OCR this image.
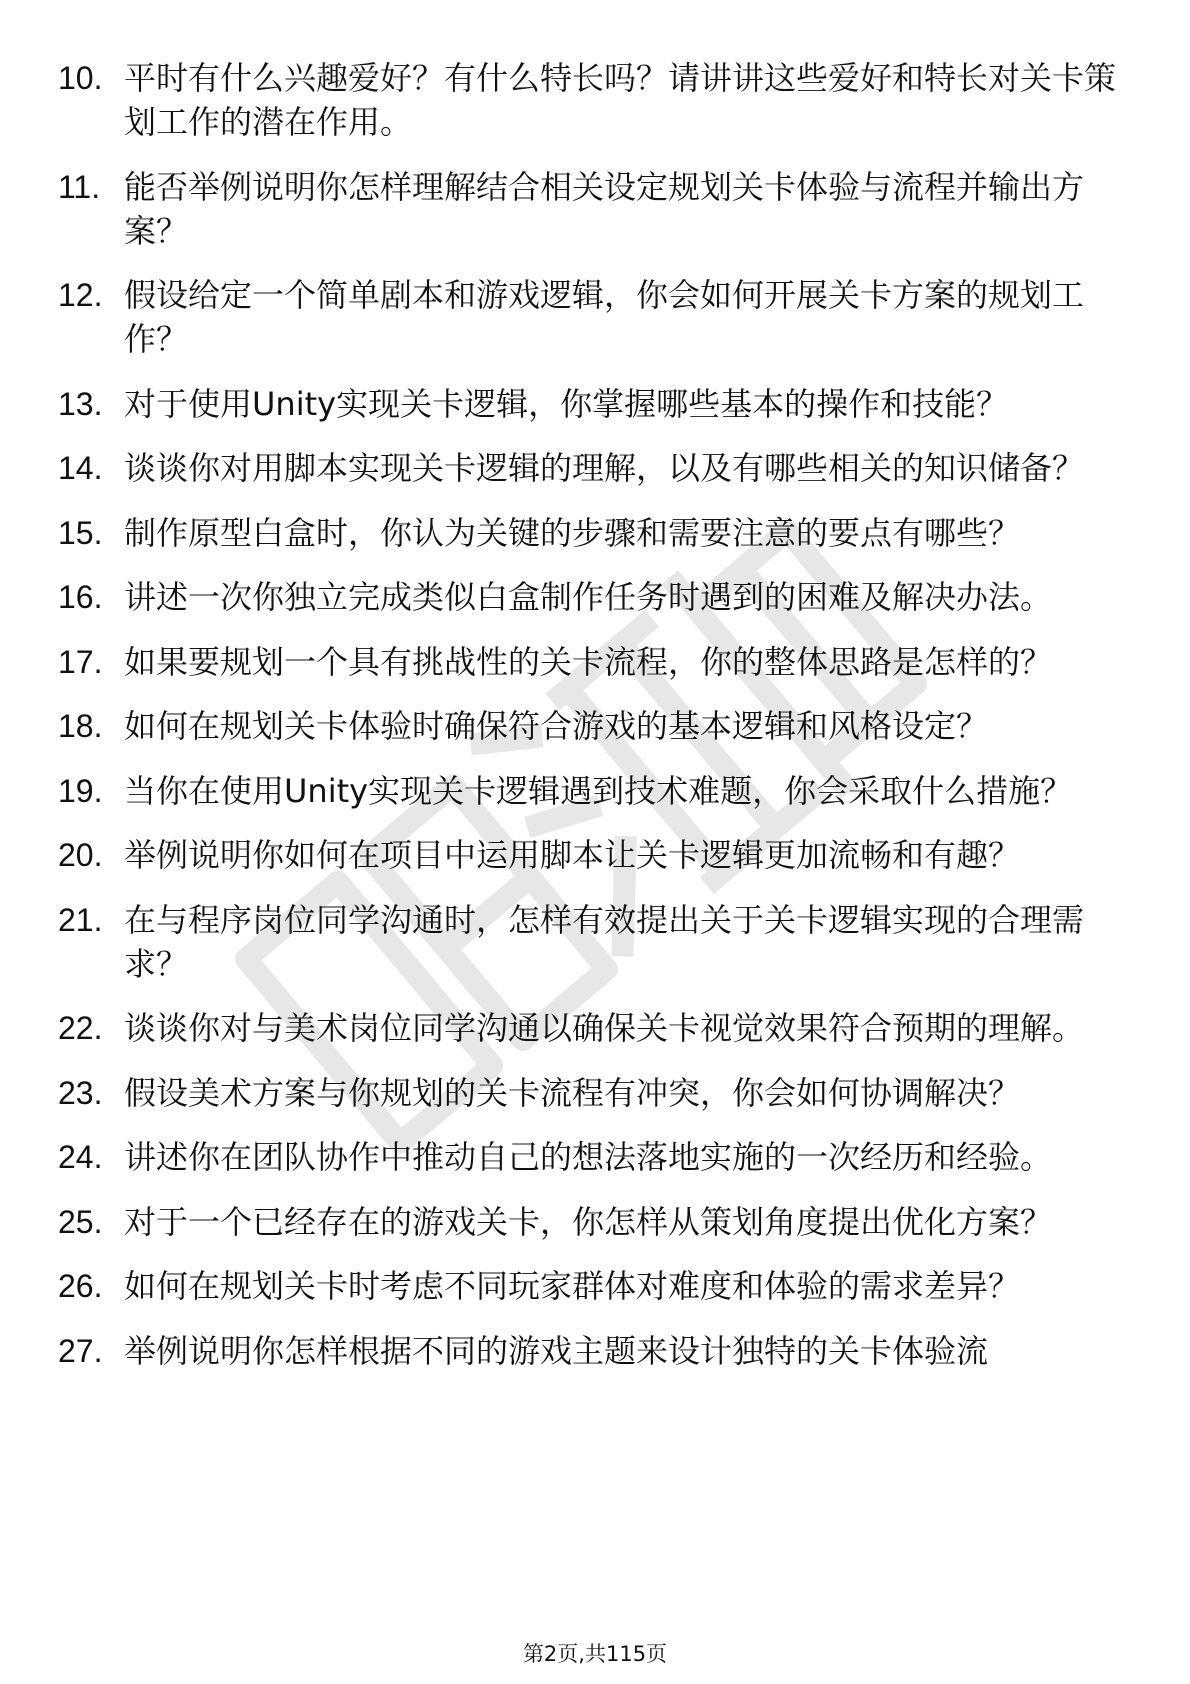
10. 平时有什么兴趣爱好？有什么特长吗？请讲讲这些爱好和特长对关卡策划工作的潜在作用。
11. 能否举例说明你怎样理解结合相关设定规划关卡体验与流程并输出方案？
12. 假设给定一个简单剧本和游戏逻辑，你会如何开展关卡方案的规划工作？
13. 对于使用Unity实现关卡逻辑，你掌握哪些基本的操作和技能？
14. 谈谈你对用脚本实现关卡逻辑的理解，以及有哪些相关的知识储备？
15. 制作原型白盒时，你认为关键的步骤和需要注意的要点有哪些？
16. 讲述一次你独立完成类似白盒制作任务时遇到的困难及解决办法。
17. 如果要规划一个具有挑战性的关卡流程，你的整体思路是怎样的？
18. 如何在规划关卡体验时确保符合游戏的基本逻辑和风格设定？
19. 当你在使用Unity实现关卡逻辑遇到技术难题，你会采取什么措施？
20. 举例说明你如何在项目中运用脚本让关卡逻辑更加流畅和有趣？
21. 在与程序岗位同学沟通时，怎样有效提出关于关卡逻辑实现的合理需求？
22. 谈谈你对与美术岗位同学沟通以确保关卡视觉效果符合预期的理解。
23. 假设美术方案与你规划的关卡流程有冲突，你会如何协调解决？
24. 讲述你在团队协作中推动自己的想法落地实施的一次经历和经验。
25. 对于一个已经存在的游戏关卡，你怎样从策划角度提出优化方案？
26. 如何在规划关卡时考虑不同玩家群体对难度和体验的需求差异？
27. 举例说明你怎样根据不同的游戏主题来设计独特的关卡体验流
第2页,共115页
